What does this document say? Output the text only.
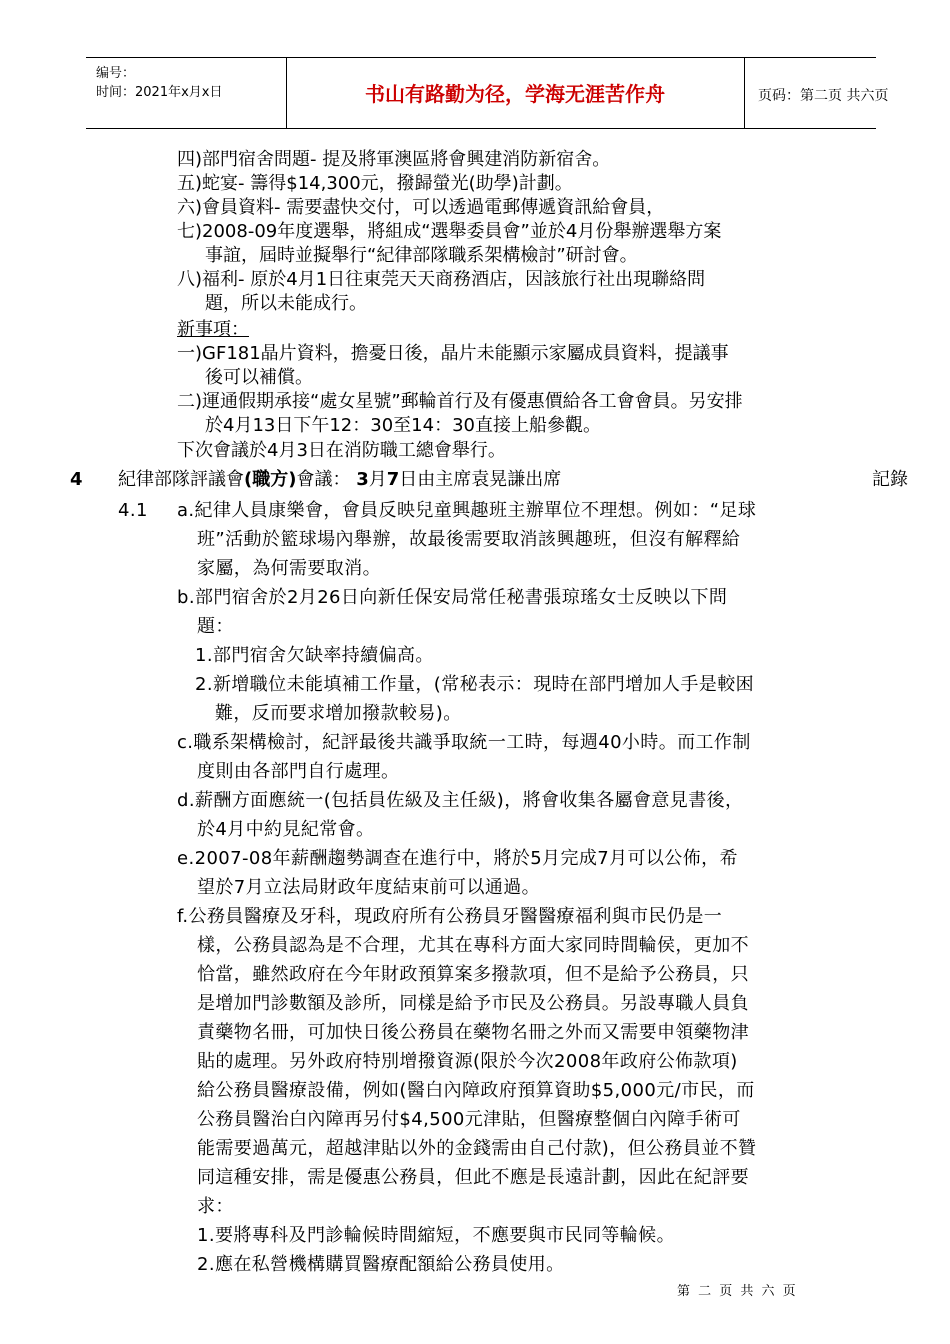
编号：
时间：2021年x月x日	书山有路勤为径，学海无涯苦作舟	页码：第二页 共六页
四)部門宿舍問題- 提及將軍澳區將會興建消防新宿舍。
五)蛇宴- 籌得$14,300元，撥歸螢光(助學)計劃。
六)會員資料- 需要盡快交付，可以透過電郵傳遞資訊給會員，
七)2008-09年度選舉，將組成“選舉委員會”並於4月份舉辦選舉方案
事誼，屆時並擬舉行“紀律部隊職系架構檢討”研討會。
八)福利- 原於4月1日往東莞天天商務酒店，因該旅行社出現聯絡問
題，所以未能成行。
新事項：
一)GF181晶片資料，擔憂日後，晶片未能顯示家屬成員資料，提議事
後可以補償。
二)運通假期承接“處女星號”郵輪首行及有優惠價給各工會會員。另安排
於4月13日下午12：30至14：30直接上船參觀。
下次會議於4月3日在消防職工總會舉行。
4 紀律部隊評議會(職方)會議： 3月7日由主席袁晃謙出席	記錄
4.1 a.紀律人員康樂會，會員反映兒童興趣班主辦單位不理想。例如：“足球
班”活動於籃球場內舉辦，故最後需要取消該興趣班，但沒有解釋給
家屬，為何需要取消。
b.部門宿舍於2月26日向新任保安局常任秘書張琼瑤女士反映以下問
題：
1.部門宿舍欠缺率持續偏高。
2.新增職位未能填補工作量，(常秘表示：現時在部門增加人手是較困
難，反而要求增加撥款較易)。
c.職系架構檢討，紀評最後共識爭取統一工時，每週40小時。而工作制
度則由各部門自行處理。
d.薪酬方面應統一(包括員佐級及主任級)，將會收集各屬會意見書後，
於4月中約見紀常會。
e.2007-08年薪酬趨勢調查在進行中，將於5月完成7月可以公佈，希
望於7月立法局財政年度結束前可以通過。
f.公務員醫療及牙科，現政府所有公務員牙醫醫療福利與市民仍是一
樣，公務員認為是不合理，尤其在專科方面大家同時間輪侯，更加不
恰當，雖然政府在今年財政預算案多撥款項，但不是給予公務員，只
是增加門診數額及診所，同樣是給予市民及公務員。另設專職人員負
責藥物名冊，可加快日後公務員在藥物名冊之外而又需要申領藥物津
貼的處理。另外政府特別增撥資源(限於今次2008年政府公佈款項)
給公務員醫療設備，例如(醫白內障政府預算資助$5,000元/市民，而
公務員醫治白內障再另付$4,500元津貼，但醫療整個白內障手術可
能需要過萬元，超越津貼以外的金錢需由自己付款)，但公務員並不贊
同這種安排，需是優惠公務員，但此不應是長遠計劃，因此在紀評要
求：
1.要將專科及門診輪候時間縮短，不應要與市民同等輪候。
2.應在私營機構購買醫療配額給公務員使用。
第 二 页 共 六 页
